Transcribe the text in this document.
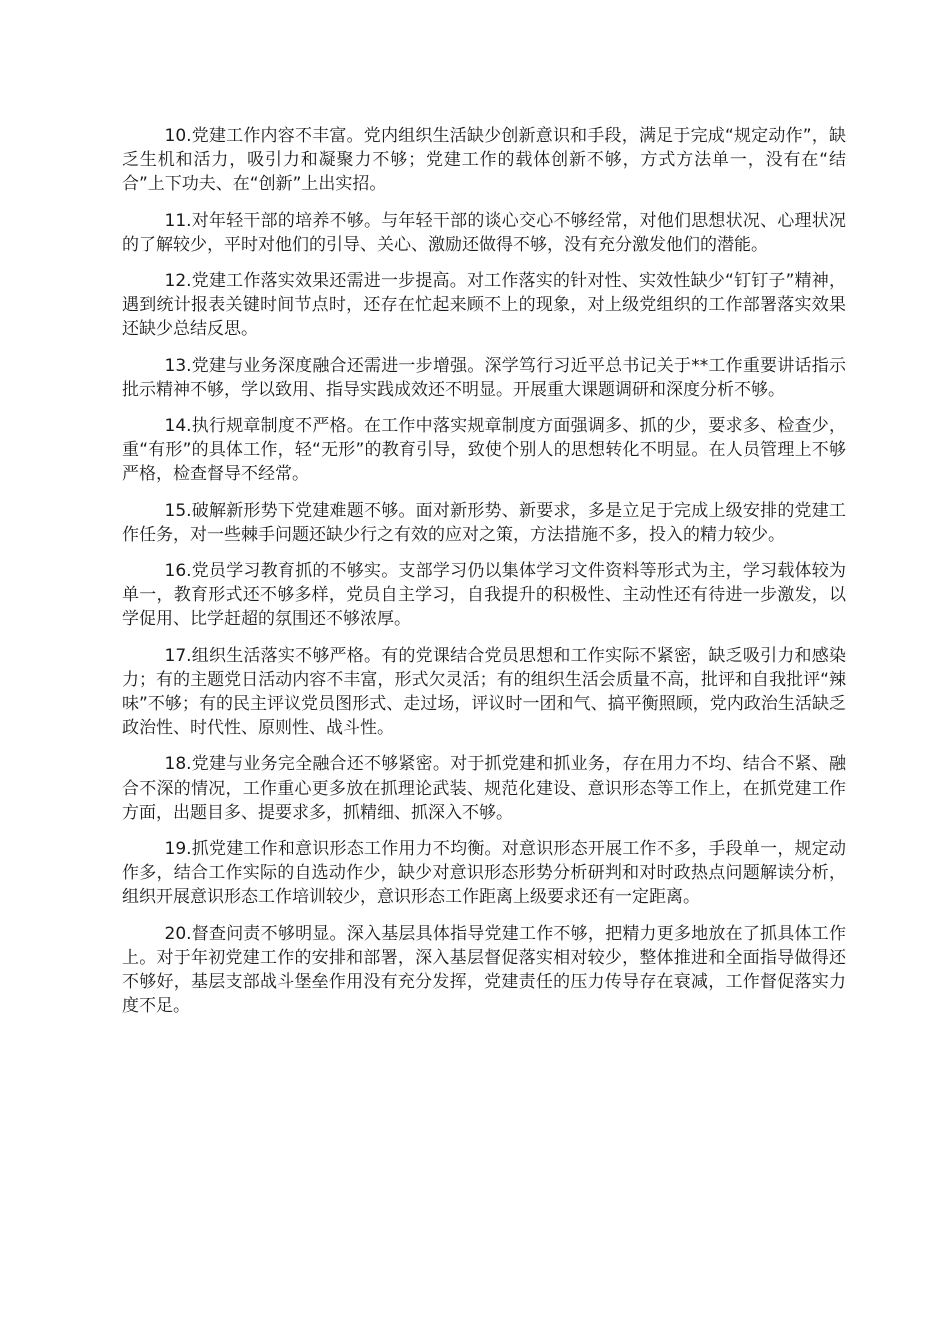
10.党建工作内容不丰富。党内组织生活缺少创新意识和手段，满足于完成“规定动作”，缺乏生机和活力，吸引力和凝聚力不够；党建工作的载体创新不够，方式方法单一，没有在“结合”上下功夫、在“创新”上出实招。

11.对年轻干部的培养不够。与年轻干部的谈心交心不够经常，对他们思想状况、心理状况的了解较少，平时对他们的引导、关心、激励还做得不够，没有充分激发他们的潜能。

12.党建工作落实效果还需进一步提高。对工作落实的针对性、实效性缺少“钉钉子”精神，遇到统计报表关键时间节点时，还存在忙起来顾不上的现象，对上级党组织的工作部署落实效果还缺少总结反思。

13.党建与业务深度融合还需进一步增强。深学笃行习近平总书记关于**工作重要讲话指示批示精神不够，学以致用、指导实践成效还不明显。开展重大课题调研和深度分析不够。

14.执行规章制度不严格。在工作中落实规章制度方面强调多、抓的少，要求多、检查少，重“有形”的具体工作，轻“无形”的教育引导，致使个别人的思想转化不明显。在人员管理上不够严格，检查督导不经常。

15.破解新形势下党建难题不够。面对新形势、新要求，多是立足于完成上级安排的党建工作任务，对一些棘手问题还缺少行之有效的应对之策，方法措施不多，投入的精力较少。

16.党员学习教育抓的不够实。支部学习仍以集体学习文件资料等形式为主，学习载体较为单一，教育形式还不够多样，党员自主学习，自我提升的积极性、主动性还有待进一步激发，以学促用、比学赶超的氛围还不够浓厚。

17.组织生活落实不够严格。有的党课结合党员思想和工作实际不紧密，缺乏吸引力和感染力；有的主题党日活动内容不丰富，形式欠灵活；有的组织生活会质量不高，批评和自我批评“辣味”不够；有的民主评议党员图形式、走过场，评议时一团和气、搞平衡照顾，党内政治生活缺乏政治性、时代性、原则性、战斗性。

18.党建与业务完全融合还不够紧密。对于抓党建和抓业务，存在用力不均、结合不紧、融合不深的情况，工作重心更多放在抓理论武装、规范化建设、意识形态等工作上，在抓党建工作方面，出题目多、提要求多，抓精细、抓深入不够。

19.抓党建工作和意识形态工作用力不均衡。对意识形态开展工作不多，手段单一，规定动作多，结合工作实际的自选动作少，缺少对意识形态形势分析研判和对时政热点问题解读分析，组织开展意识形态工作培训较少，意识形态工作距离上级要求还有一定距离。

20.督查问责不够明显。深入基层具体指导党建工作不够，把精力更多地放在了抓具体工作上。对于年初党建工作的安排和部署，深入基层督促落实相对较少，整体推进和全面指导做得还不够好，基层支部战斗堡垒作用没有充分发挥，党建责任的压力传导存在衰减，工作督促落实力度不足。
